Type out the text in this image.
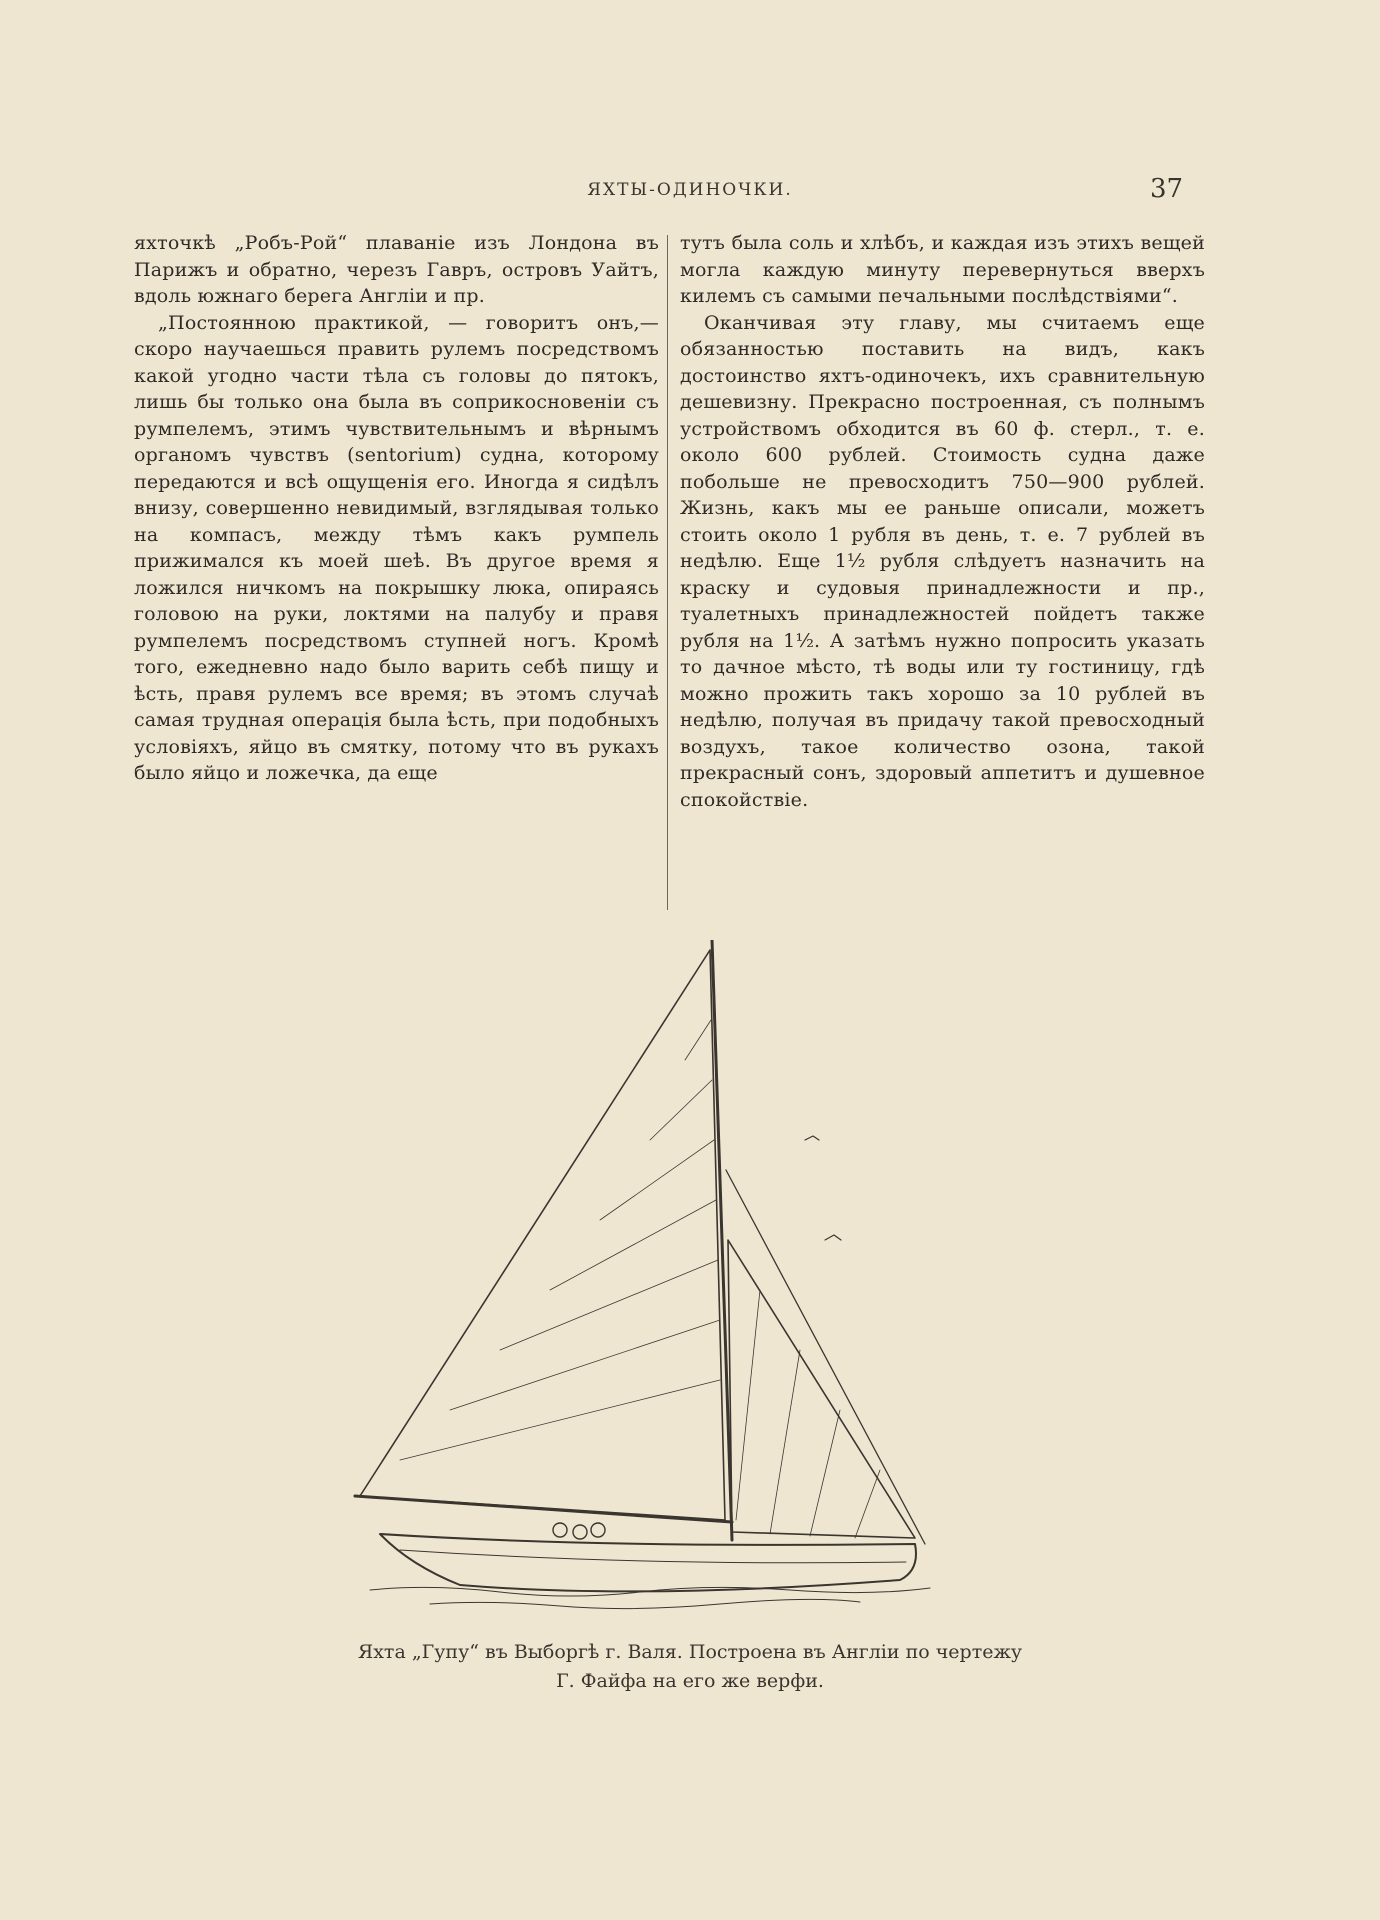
ЯХТЫ-ОДИНОЧКИ.	37

яхточкѣ „Робъ-Рой“ плаваніе изъ Лондона въ Парижъ и обратно, черезъ Гавръ, островъ Уайтъ, вдоль южнаго берега Англіи и пр.

„Постоянною практикой, — говоритъ онъ,—скоро научаешься править рулемъ посредствомъ какой угодно части тѣла съ головы до пятокъ, лишь бы только она была въ соприкосновеніи съ румпелемъ, этимъ чувствительнымъ и вѣрнымъ органомъ чувствъ (sentorium) судна, которому передаются и всѣ ощущенія его. Иногда я сидѣлъ внизу, совершенно невидимый, взглядывая только на компасъ, между тѣмъ какъ румпель прижимался къ моей шеѣ. Въ другое время я ложился ничкомъ на покрышку люка, опираясь головою на руки, локтями на палубу и правя румпелемъ посредствомъ ступней ногъ. Кромѣ того, ежедневно надо было варить себѣ пищу и ѣсть, правя рулемъ все время; въ этомъ случаѣ самая трудная операція была ѣсть, при подобныхъ условіяхъ, яйцо въ смятку, потому что въ рукахъ было яйцо и ложечка, да еще

тутъ была соль и хлѣбъ, и каждая изъ этихъ вещей могла каждую минуту перевернуться вверхъ килемъ съ самыми печальными послѣдствіями“.

Оканчивая эту главу, мы считаемъ еще обязанностью поставить на видъ, какъ достоинство яхтъ-одиночекъ, ихъ сравнительную дешевизну. Прекрасно построенная, съ полнымъ устройствомъ обходится въ 60 ф. стерл., т. е. около 600 рублей. Стоимость судна даже побольше не превосходитъ 750—900 рублей. Жизнь, какъ мы ее раньше описали, можетъ стоить около 1 рубля въ день, т. е. 7 рублей въ недѣлю. Еще 1½ рубля слѣдуетъ назначить на краску и судовыя принадлежности и пр., туалетныхъ принадлежностей пойдетъ также рубля на 1½. А затѣмъ нужно попросить указать то дачное мѣсто, тѣ воды или ту гостиницу, гдѣ можно прожить такъ хорошо за 10 рублей въ недѣлю, получая въ придачу такой превосходный воздухъ, такое количество озона, такой прекрасный сонъ, здоровый аппетитъ и душевное спокойствіе.

Яхта „Гупу“ въ Выборгѣ г. Валя. Построена въ Англіи по чертежу
Г. Файфа на его же верфи.
